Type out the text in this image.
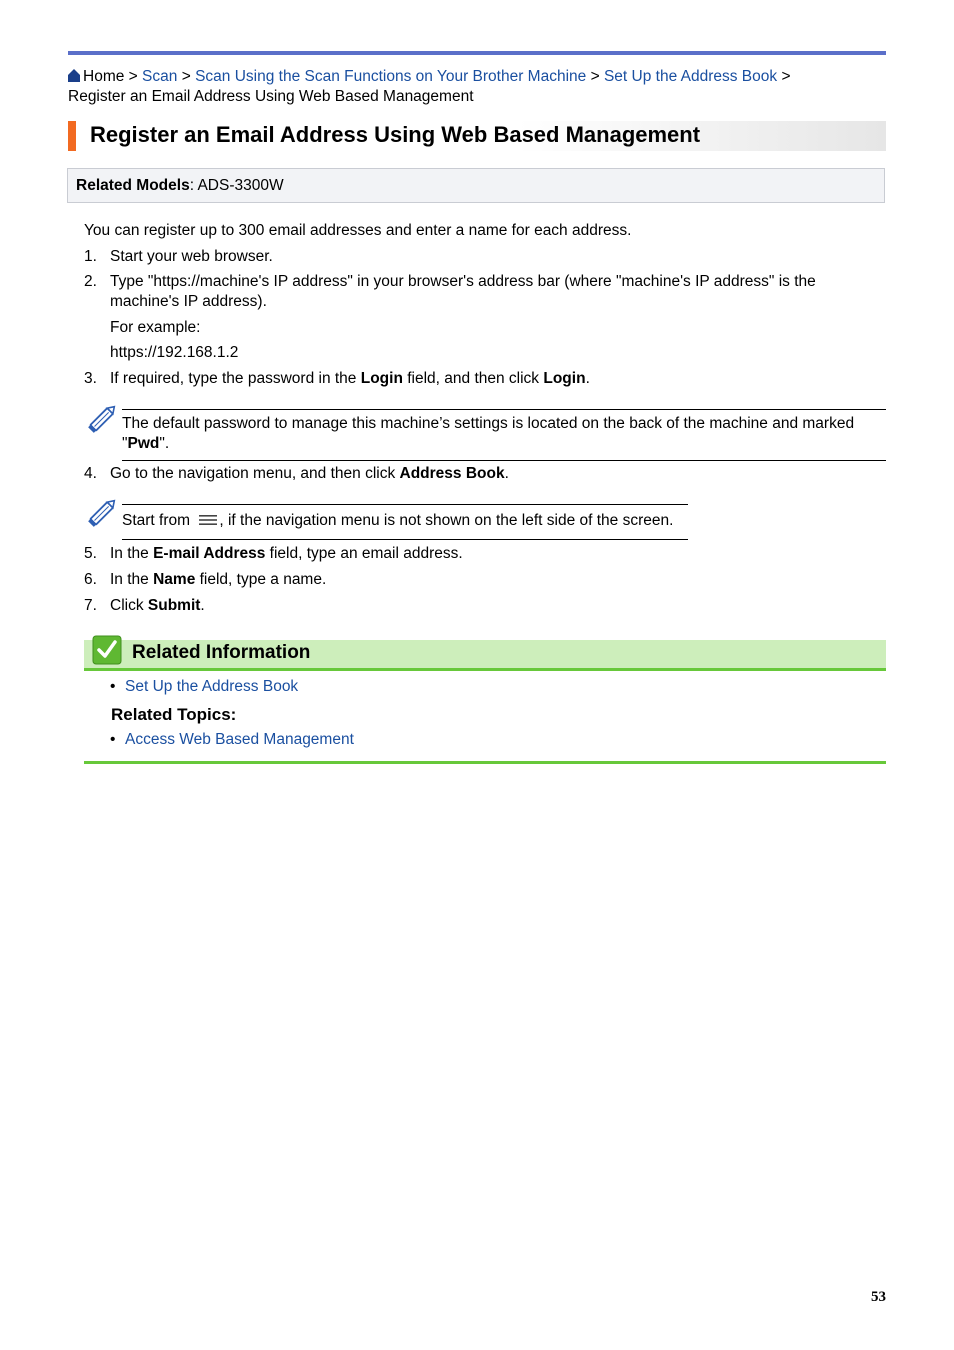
Home > Scan > Scan Using the Scan Functions on Your Brother Machine > Set Up the Address Book > Register an Email Address Using Web Based Management
Register an Email Address Using Web Based Management
Related Models: ADS-3300W
You can register up to 300 email addresses and enter a name for each address.
1. Start your web browser.
2. Type "https://machine's IP address" in your browser's address bar (where "machine's IP address" is the
machine's IP address).
For example:
https://192.168.1.2
3. If required, type the password in the Login field, and then click Login.
The default password to manage this machine’s settings is located on the back of the machine and marked
"Pwd".
4. Go to the navigation menu, and then click Address Book.
Start from , if the navigation menu is not shown on the left side of the screen.
5. In the E-mail Address field, type an email address.
6. In the Name field, type a name.
7. Click Submit.
Related Information
• Set Up the Address Book
Related Topics:
• Access Web Based Management
53
